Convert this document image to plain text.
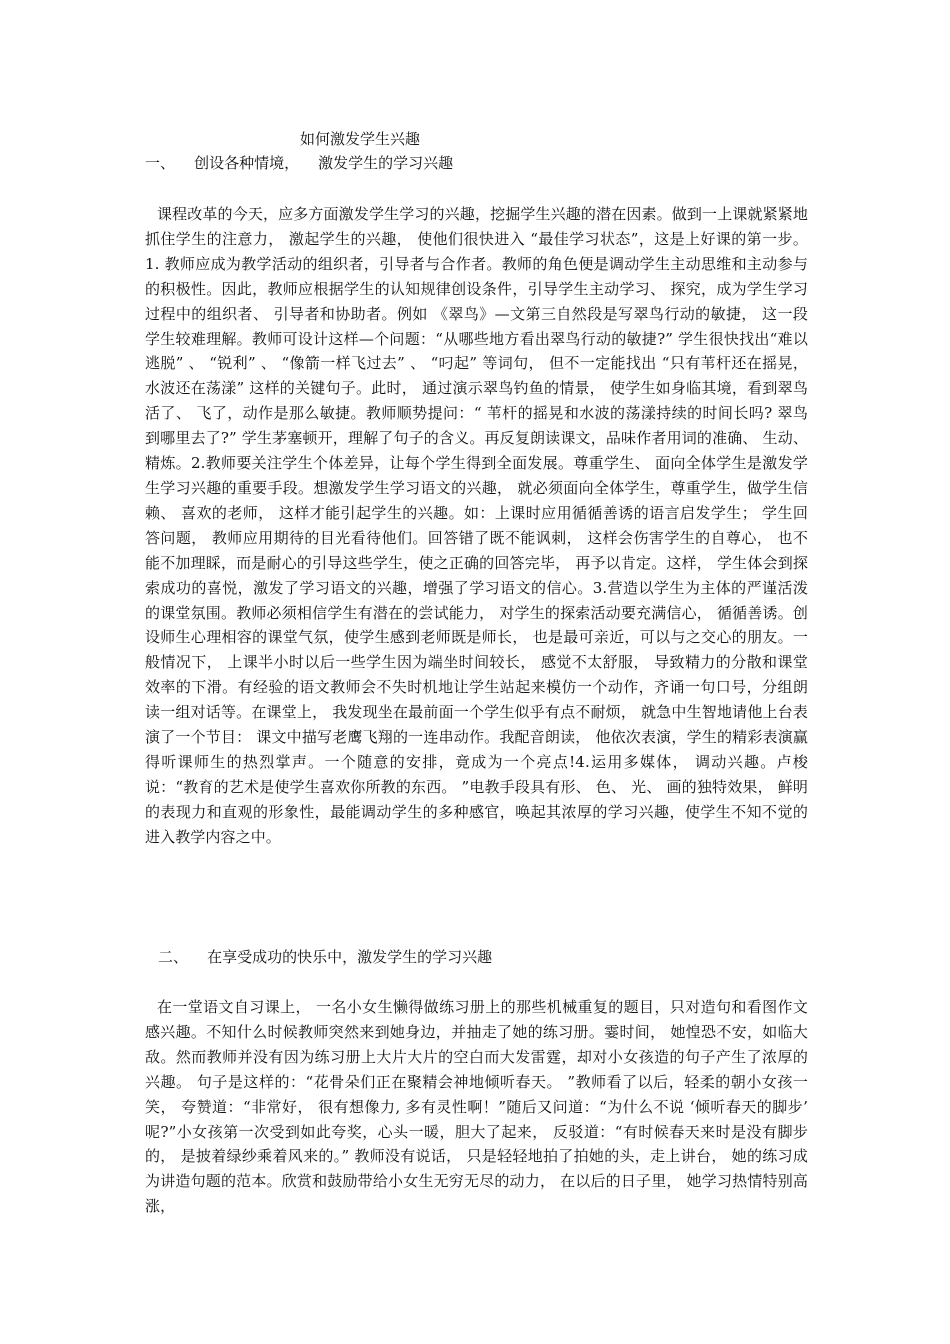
如何激发学生兴趣
一、    创设各种情境，    激发学生的学习兴趣

课程改革的今天，应多方面激发学生学习的兴趣，挖掘学生兴趣的潜在因素。做到一上课就紧紧地抓住学生的注意力， 激起学生的兴趣， 使他们很快进入 “最佳学习状态”，这是上好课的第一步。1. 教师应成为教学活动的组织者，引导者与合作者。教师的角色便是调动学生主动思维和主动参与的积极性。因此，教师应根据学生的认知规律创设条件，引导学生主动学习、 探究，成为学生学习过程中的组织者、 引导者和协助者。例如 《翠鸟》—文第三自然段是写翠鸟行动的敏捷， 这一段学生较难理解。教师可设计这样—个问题：“从哪些地方看出翠鸟行动的敏捷?” 学生很快找出“难以逃脱” 、 “锐利” 、 “像箭一样飞过去” 、 “叼起” 等词句， 但不一定能找出 “只有苇杆还在摇晃，水波还在荡漾” 这样的关键句子。此时， 通过演示翠鸟钓鱼的情景， 使学生如身临其境，看到翠鸟活了、 飞了，动作是那么敏捷。教师顺势提问：“ 苇杆的摇晃和水波的荡漾持续的时间长吗? 翠鸟到哪里去了?” 学生茅塞顿开，理解了句子的含义。再反复朗读课文，品味作者用词的准确、 生动、 精炼。2.教师要关注学生个体差异，让每个学生得到全面发展。尊重学生、 面向全体学生是激发学生学习兴趣的重要手段。想激发学生学习语文的兴趣， 就必须面向全体学生，尊重学生，做学生信赖、 喜欢的老师， 这样才能引起学生的兴趣。如：上课时应用循循善诱的语言启发学生； 学生回答问题， 教师应用期待的目光看待他们。回答错了既不能讽刺， 这样会伤害学生的自尊心， 也不能不加理睬，而是耐心的引导这些学生，使之正确的回答完毕， 再予以肯定。这样， 学生体会到探索成功的喜悦，激发了学习语文的兴趣，增强了学习语文的信心。3.营造以学生为主体的严谨活泼的课堂氛围。教师必须相信学生有潜在的尝试能力， 对学生的探索活动要充满信心， 循循善诱。创设师生心理相容的课堂气氛，使学生感到老师既是师长， 也是最可亲近，可以与之交心的朋友。一般情况下， 上课半小时以后一些学生因为端坐时间较长， 感觉不太舒服， 导致精力的分散和课堂效率的下滑。有经验的语文教师会不失时机地让学生站起来模仿一个动作，齐诵一句口号，分组朗读一组对话等。在课堂上， 我发现坐在最前面一个学生似乎有点不耐烦， 就急中生智地请他上台表演了一个节目： 课文中描写老鹰飞翔的一连串动作。我配音朗读， 他依次表演，学生的精彩表演赢得听课师生的热烈掌声。一个随意的安排，竟成为一个亮点!4.运用多媒体， 调动兴趣。卢梭说：“教育的艺术是使学生喜欢你所教的东西。 ”电教手段具有形、 色、 光、 画的独特效果， 鲜明的表现力和直观的形象性，最能调动学生的多种感官，唤起其浓厚的学习兴趣，使学生不知不觉的进入教学内容之中。

二、    在享受成功的快乐中，激发学生的学习兴趣

在一堂语文自习课上， 一名小女生懒得做练习册上的那些机械重复的题目，只对造句和看图作文感兴趣。不知什么时候教师突然来到她身边，并抽走了她的练习册。霎时间， 她惶恐不安，如临大敌。然而教师并没有因为练习册上大片大片的空白而大发雷霆，却对小女孩造的句子产生了浓厚的兴趣。 句子是这样的：“花骨朵们正在聚精会神地倾听春天。 ”教师看了以后，轻柔的朝小女孩一笑， 夸赞道：“非常好， 很有想像力, 多有灵性啊！”随后又问道：“为什么不说 ‘倾听春天的脚步’ 呢?”小女孩第一次受到如此夸奖，心头一暖，胆大了起来， 反驳道：“有时候春天来时是没有脚步的， 是披着绿纱乘着风来的。” 教师没有说话， 只是轻轻地拍了拍她的头，走上讲台， 她的练习成为讲造句题的范本。欣赏和鼓励带给小女生无穷无尽的动力， 在以后的日子里， 她学习热情特别高涨，
